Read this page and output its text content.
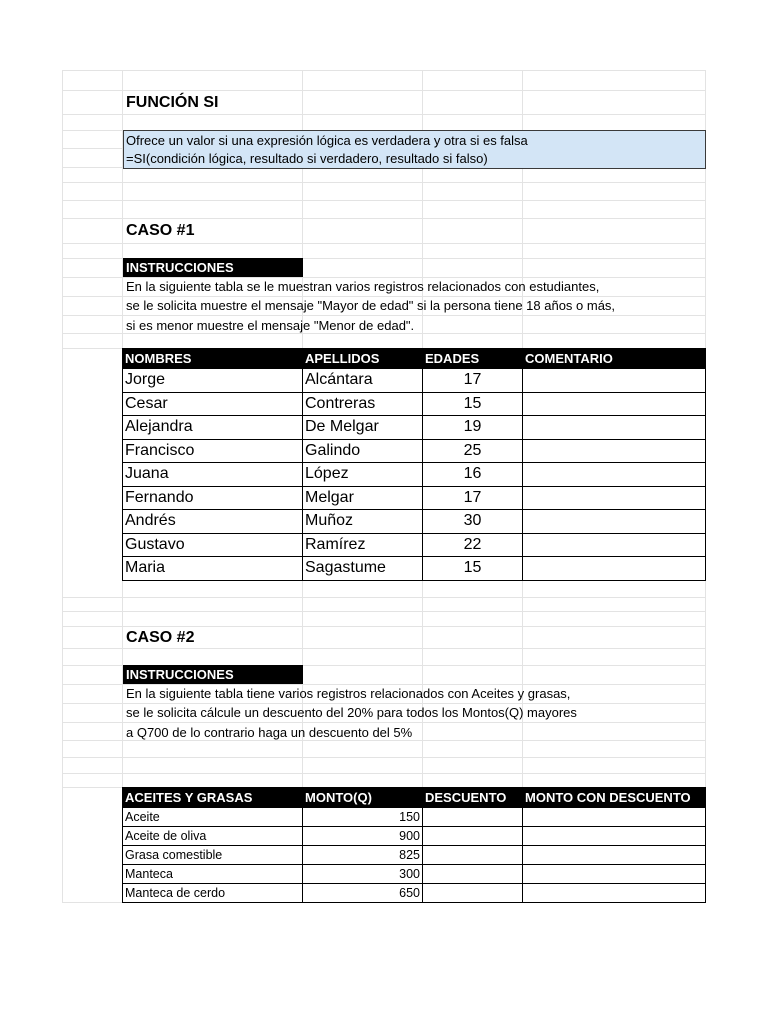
FUNCIÓN SI
Ofrece un valor si una expresión lógica es verdadera y otra si es falsa
=SI(condición lógica, resultado si verdadero, resultado si falso)
CASO #1
INSTRUCCIONES
En la siguiente tabla se le muestran varios registros relacionados con estudiantes,
se le solicita muestre el mensaje "Mayor de edad" si la persona tiene 18 años o más,
si es menor muestre el mensaje "Menor de edad".
NOMBRES	APELLIDOS	EDADES	COMENTARIO
Jorge	Alcántara	17	
Cesar	Contreras	15	
Alejandra	De Melgar	19	
Francisco	Galindo	25	
Juana	López	16	
Fernando	Melgar	17	
Andrés	Muñoz	30	
Gustavo	Ramírez	22	
Maria	Sagastume	15	
CASO #2
INSTRUCCIONES
En la siguiente tabla tiene varios registros relacionados con Aceites y grasas,
se le solicita cálcule un descuento del 20% para todos los Montos(Q) mayores
a Q700 de lo contrario haga un descuento del 5%
ACEITES Y GRASAS	MONTO(Q)	DESCUENTO	MONTO CON DESCUENTO
Aceite	150		
Aceite de oliva	900		
Grasa comestible	825		
Manteca	300		
Manteca de cerdo	650		
